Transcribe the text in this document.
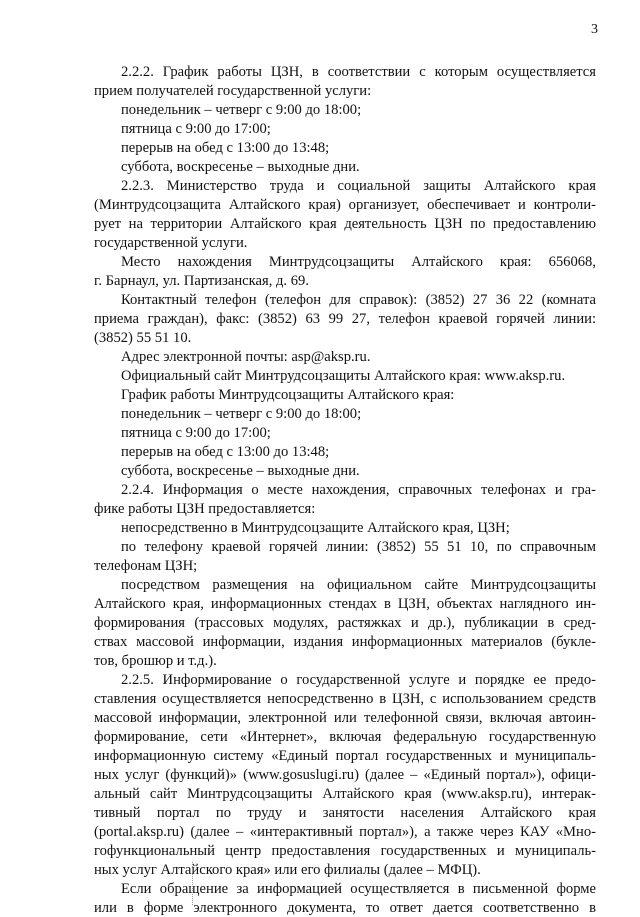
3
2.2.2. График работы ЦЗН, в соответствии с которым осуществляется
прием получателей государственной услуги:
понедельник – четверг с 9:00 до 18:00;
пятница с 9:00 до 17:00;
перерыв на обед с 13:00 до 13:48;
суббота, воскресенье – выходные дни.
2.2.3. Министерство труда и социальной защиты Алтайского края
(Минтрудсоцзащита Алтайского края) организует, обеспечивает и контроли-
рует на территории Алтайского края деятельность ЦЗН по предоставлению
государственной услуги.
Место нахождения Минтрудсоцзащиты Алтайского края: 656068,
г. Барнаул, ул. Партизанская, д. 69.
Контактный телефон (телефон для справок): (3852) 27 36 22 (комната
приема граждан), факс: (3852) 63 99 27, телефон краевой горячей линии:
(3852) 55 51 10.
Адрес электронной почты: asp@aksp.ru.
Официальный сайт Минтрудсоцзащиты Алтайского края: www.aksp.ru.
График работы Минтрудсоцзащиты Алтайского края:
понедельник – четверг с 9:00 до 18:00;
пятница с 9:00 до 17:00;
перерыв на обед с 13:00 до 13:48;
суббота, воскресенье – выходные дни.
2.2.4. Информация о месте нахождения, справочных телефонах и гра-
фике работы ЦЗН предоставляется:
непосредственно в Минтрудсоцзащите Алтайского края, ЦЗН;
по телефону краевой горячей линии: (3852) 55 51 10, по справочным
телефонам ЦЗН;
посредством размещения на официальном сайте Минтрудсоцзащиты
Алтайского края, информационных стендах в ЦЗН, объектах наглядного ин-
формирования (трассовых модулях, растяжках и др.), публикации в сред-
ствах массовой информации, издания информационных материалов (букле-
тов, брошюр и т.д.).
2.2.5. Информирование о государственной услуге и порядке ее предо-
ставления осуществляется непосредственно в ЦЗН, с использованием средств
массовой информации, электронной или телефонной связи, включая автоин-
формирование, сети «Интернет», включая федеральную государственную
информационную систему «Единый портал государственных и муниципаль-
ных услуг (функций)» (www.gosuslugi.ru) (далее – «Единый портал»), офици-
альный сайт Минтрудсоцзащиты Алтайского края (www.aksp.ru), интерак-
тивный портал по труду и занятости населения Алтайского края
(portal.aksp.ru) (далее – «интерактивный портал»), а также через КАУ «Мно-
гофункциональный центр предоставления государственных и муниципаль-
ных услуг Алтайского края» или его филиалы (далее – МФЦ).
Если обращение за информацией осуществляется в письменной форме
или в форме электронного документа, то ответ дается соответственно в
